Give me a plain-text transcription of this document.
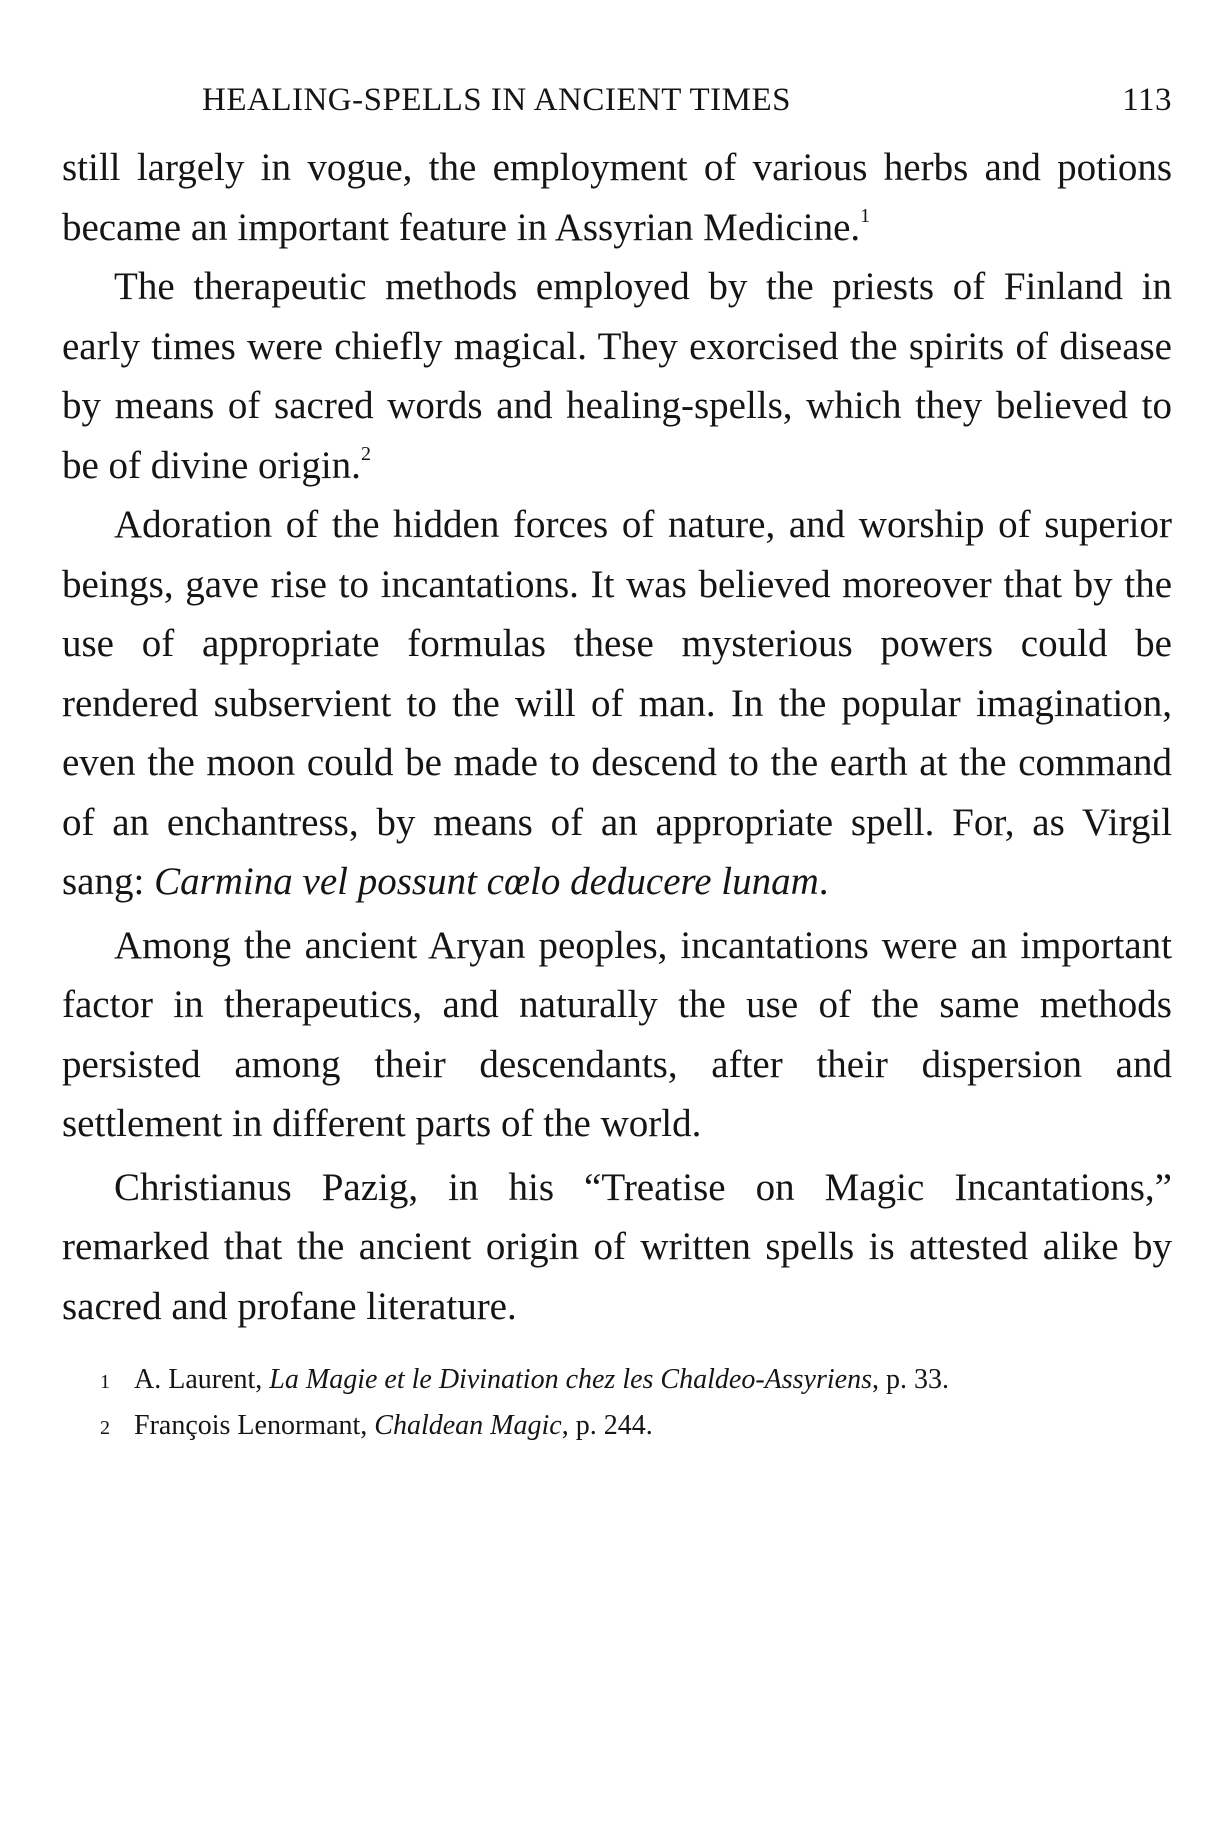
HEALING-SPELLS IN ANCIENT TIMES	113

still largely in vogue, the employment of various herbs and potions became an important feature in Assyrian Medicine.$^1$

The therapeutic methods employed by the priests of Finland in early times were chiefly magical. They exorcised the spirits of disease by means of sacred words and healing-spells, which they believed to be of divine origin.$^2$

Adoration of the hidden forces of nature, and worship of superior beings, gave rise to incantations. It was believed moreover that by the use of appropriate formulas these mysterious powers could be rendered subservient to the will of man. In the popular imagination, even the moon could be made to descend to the earth at the command of an enchantress, by means of an appropriate spell. For, as Virgil sang: Carmina vel possunt cœlo deducere lunam.

Among the ancient Aryan peoples, incantations were an important factor in therapeutics, and naturally the use of the same methods persisted among their descendants, after their dispersion and settlement in different parts of the world.

Christianus Pazig, in his “Treatise on Magic Incantations,” remarked that the ancient origin of written spells is attested alike by sacred and profane literature.

1 A. Laurent, La Magie et le Divination chez les Chaldeo-Assyriens, p. 33.
2 François Lenormant, Chaldean Magic, p. 244.
